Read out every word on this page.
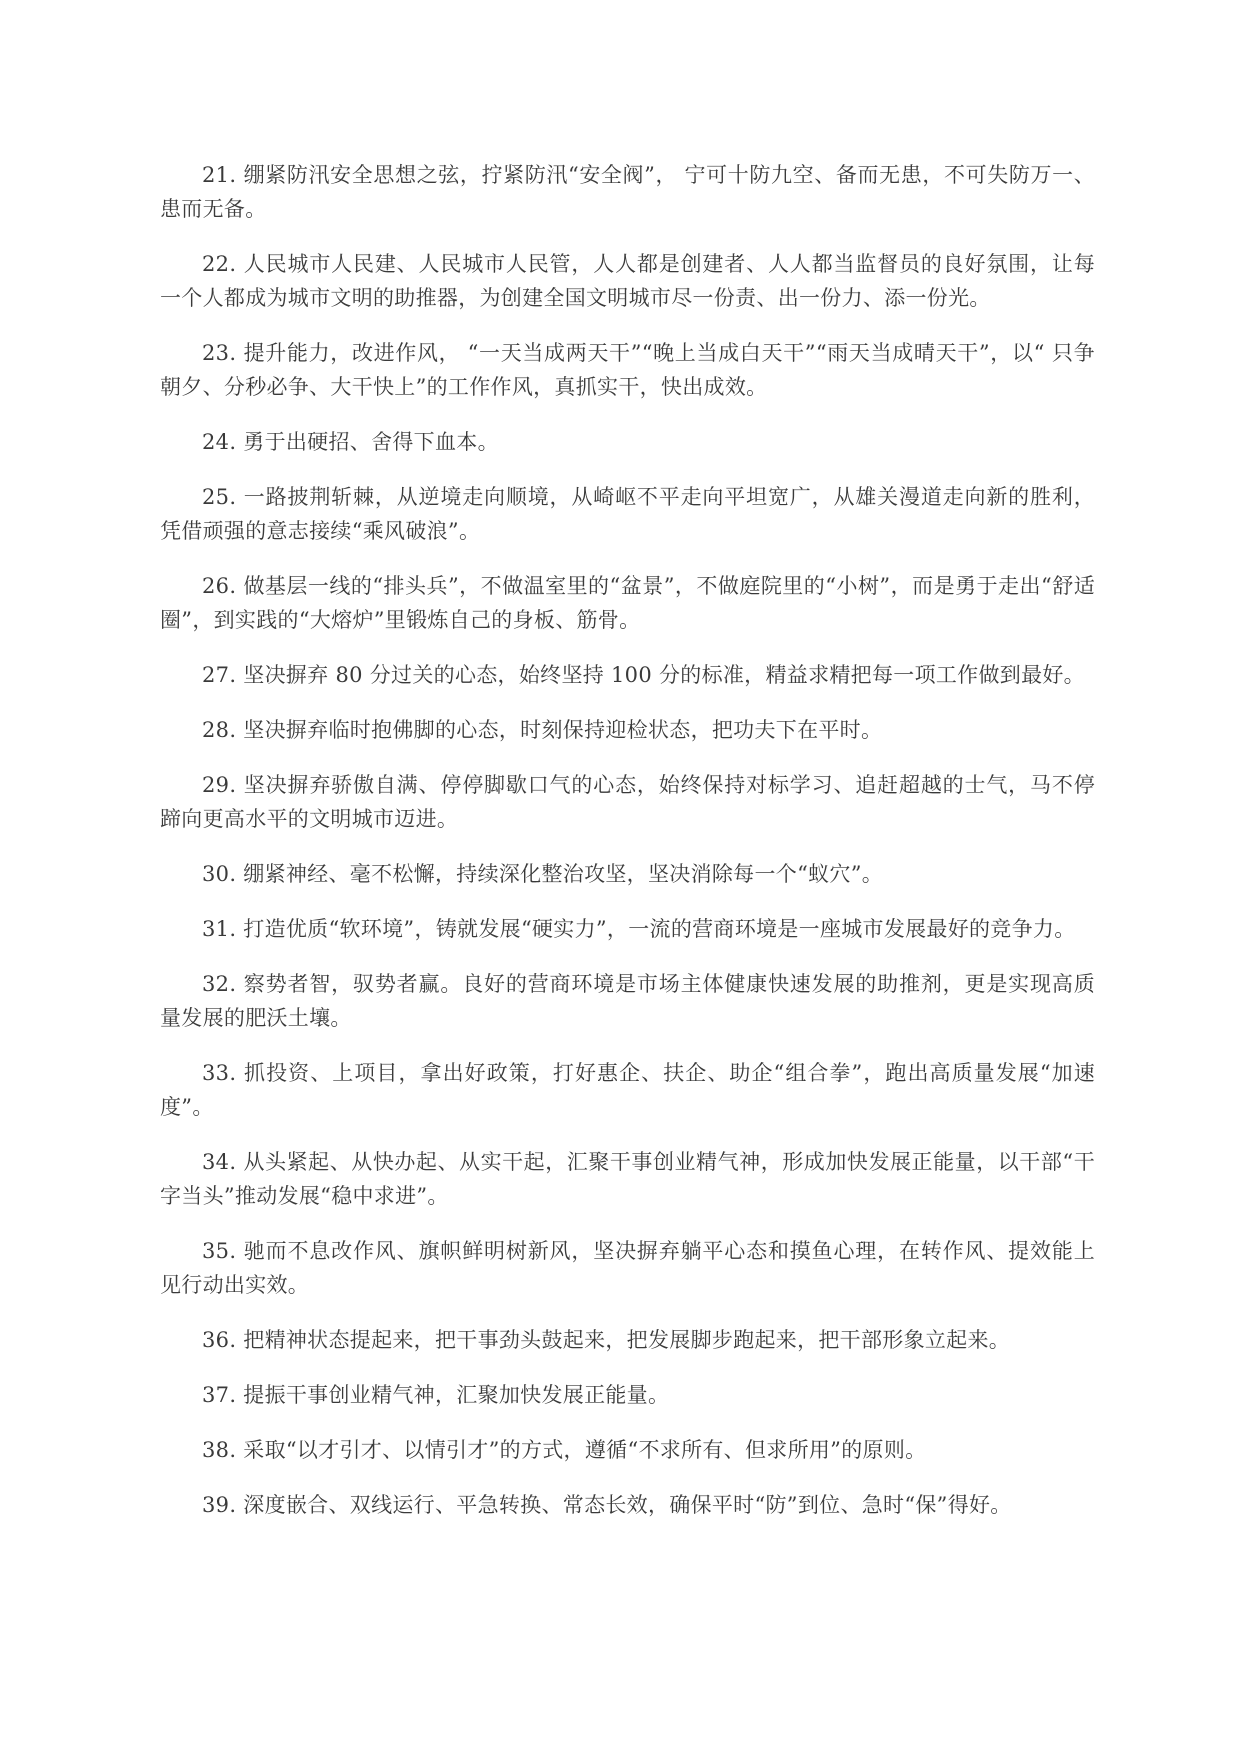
21. 绷紧防汛安全思想之弦，拧紧防汛“安全阀”， 宁可十防九空、备而无患，不可失防万一、患而无备。

22. 人民城市人民建、人民城市人民管，人人都是创建者、人人都当监督员的良好氛围，让每一个人都成为城市文明的助推器，为创建全国文明城市尽一份责、出一份力、添一份光。

23. 提升能力，改进作风， “一天当成两天干”“晚上当成白天干”“雨天当成晴天干”，以“ 只争朝夕、分秒必争、大干快上”的工作作风，真抓实干，快出成效。

24. 勇于出硬招、舍得下血本。

25. 一路披荆斩棘，从逆境走向顺境，从崎岖不平走向平坦宽广，从雄关漫道走向新的胜利，凭借顽强的意志接续“乘风破浪”。

26. 做基层一线的“排头兵”，不做温室里的“盆景”，不做庭院里的“小树”，而是勇于走出“舒适圈”，到实践的“大熔炉”里锻炼自己的身板、筋骨。

27. 坚决摒弃 80 分过关的心态，始终坚持 100 分的标准，精益求精把每一项工作做到最好。

28. 坚决摒弃临时抱佛脚的心态，时刻保持迎检状态，把功夫下在平时。

29. 坚决摒弃骄傲自满、停停脚歇口气的心态，始终保持对标学习、追赶超越的士气，马不停蹄向更高水平的文明城市迈进。

30. 绷紧神经、毫不松懈，持续深化整治攻坚，坚决消除每一个“蚁穴”。

31. 打造优质“软环境”，铸就发展“硬实力”，一流的营商环境是一座城市发展最好的竞争力。

32. 察势者智，驭势者赢。良好的营商环境是市场主体健康快速发展的助推剂，更是实现高质量发展的肥沃土壤。

33. 抓投资、上项目，拿出好政策，打好惠企、扶企、助企“组合拳”，跑出高质量发展“加速度”。

34. 从头紧起、从快办起、从实干起，汇聚干事创业精气神，形成加快发展正能量，以干部“干字当头”推动发展“稳中求进”。

35. 驰而不息改作风、旗帜鲜明树新风，坚决摒弃躺平心态和摸鱼心理，在转作风、提效能上见行动出实效。

36. 把精神状态提起来，把干事劲头鼓起来，把发展脚步跑起来，把干部形象立起来。

37. 提振干事创业精气神，汇聚加快发展正能量。

38. 采取“以才引才、以情引才”的方式，遵循“不求所有、但求所用”的原则。

39. 深度嵌合、双线运行、平急转换、常态长效，确保平时“防”到位、急时“保”得好。
